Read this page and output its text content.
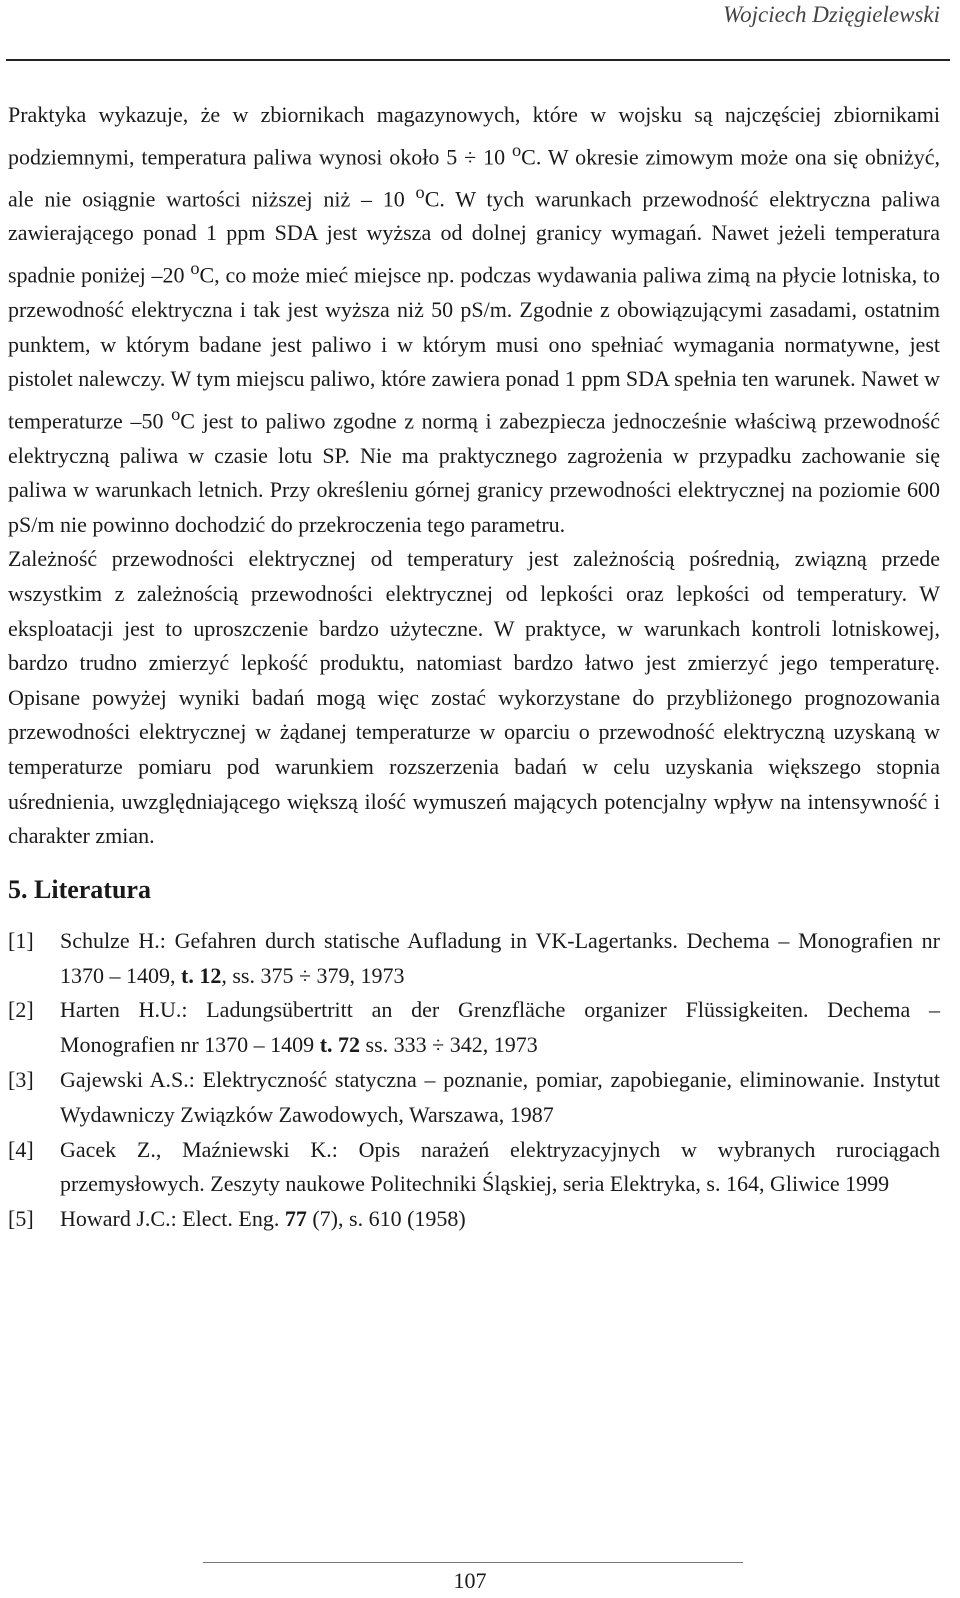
Wojciech Dzięgielewski

Praktyka wykazuje, że w zbiornikach magazynowych, które w wojsku są najczęściej zbiornikami podziemnymi, temperatura paliwa wynosi około 5 ÷ 10 $^o$C. W okresie zimowym może ona się obniżyć, ale nie osiągnie wartości niższej niż – 10 $^o$C. W tych warunkach przewodność elektryczna paliwa zawierającego ponad 1 ppm SDA jest wyższa od dolnej granicy wymagań. Nawet jeżeli temperatura spadnie poniżej –20 $^o$C, co może mieć miejsce np. podczas wydawania paliwa zimą na płycie lotniska, to przewodność elektryczna i tak jest wyższa niż 50 pS/m. Zgodnie z obowiązującymi zasadami, ostatnim punktem, w którym badane jest paliwo i w którym musi ono spełniać wymagania normatywne, jest pistolet nalewczy. W tym miejscu paliwo, które zawiera ponad 1 ppm SDA spełnia ten warunek. Nawet w temperaturze –50 $^o$C jest to paliwo zgodne z normą i zabezpiecza jednocześnie właściwą przewodność elektryczną paliwa w czasie lotu SP. Nie ma praktycznego zagrożenia w przypadku zachowanie się paliwa w warunkach letnich. Przy określeniu górnej granicy przewodności elektrycznej na poziomie 600 pS/m nie powinno dochodzić do przekroczenia tego parametru.

Zależność przewodności elektrycznej od temperatury jest zależnością pośrednią, związną przede wszystkim z zależnością przewodności elektrycznej od lepkości oraz lepkości od temperatury. W eksploatacji jest to uproszczenie bardzo użyteczne. W praktyce, w warunkach kontroli lotniskowej, bardzo trudno zmierzyć lepkość produktu, natomiast bardzo łatwo jest zmierzyć jego temperaturę. Opisane powyżej wyniki badań mogą więc zostać wykorzystane do przybliżonego prognozowania przewodności elektrycznej w żądanej temperaturze w oparciu o przewodność elektryczną uzyskaną w temperaturze pomiaru pod warunkiem rozszerzenia badań w celu uzyskania większego stopnia uśrednienia, uwzględniającego większą ilość wymuszeń mających potencjalny wpływ na intensywność i charakter zmian.

5. Literatura
[1] Schulze H.: Gefahren durch statische Aufladung in VK-Lagertanks. Dechema – Monografien nr 1370 – 1409, t. 12, ss. 375 ÷ 379, 1973
[2] Harten H.U.: Ladungsübertritt an der Grenzfläche organizer Flüssigkeiten. Dechema – Monografien nr 1370 – 1409 t. 72 ss. 333 ÷ 342, 1973
[3] Gajewski A.S.: Elektryczność statyczna – poznanie, pomiar, zapobieganie, eliminowanie. Instytut Wydawniczy Związków Zawodowych, Warszawa, 1987
[4] Gacek Z., Maźniewski K.: Opis narażeń elektryzacyjnych w wybranych rurociągach przemysłowych. Zeszyty naukowe Politechniki Śląskiej, seria Elektryka, s. 164, Gliwice 1999
[5] Howard J.C.: Elect. Eng. 77 (7), s. 610 (1958)
107
